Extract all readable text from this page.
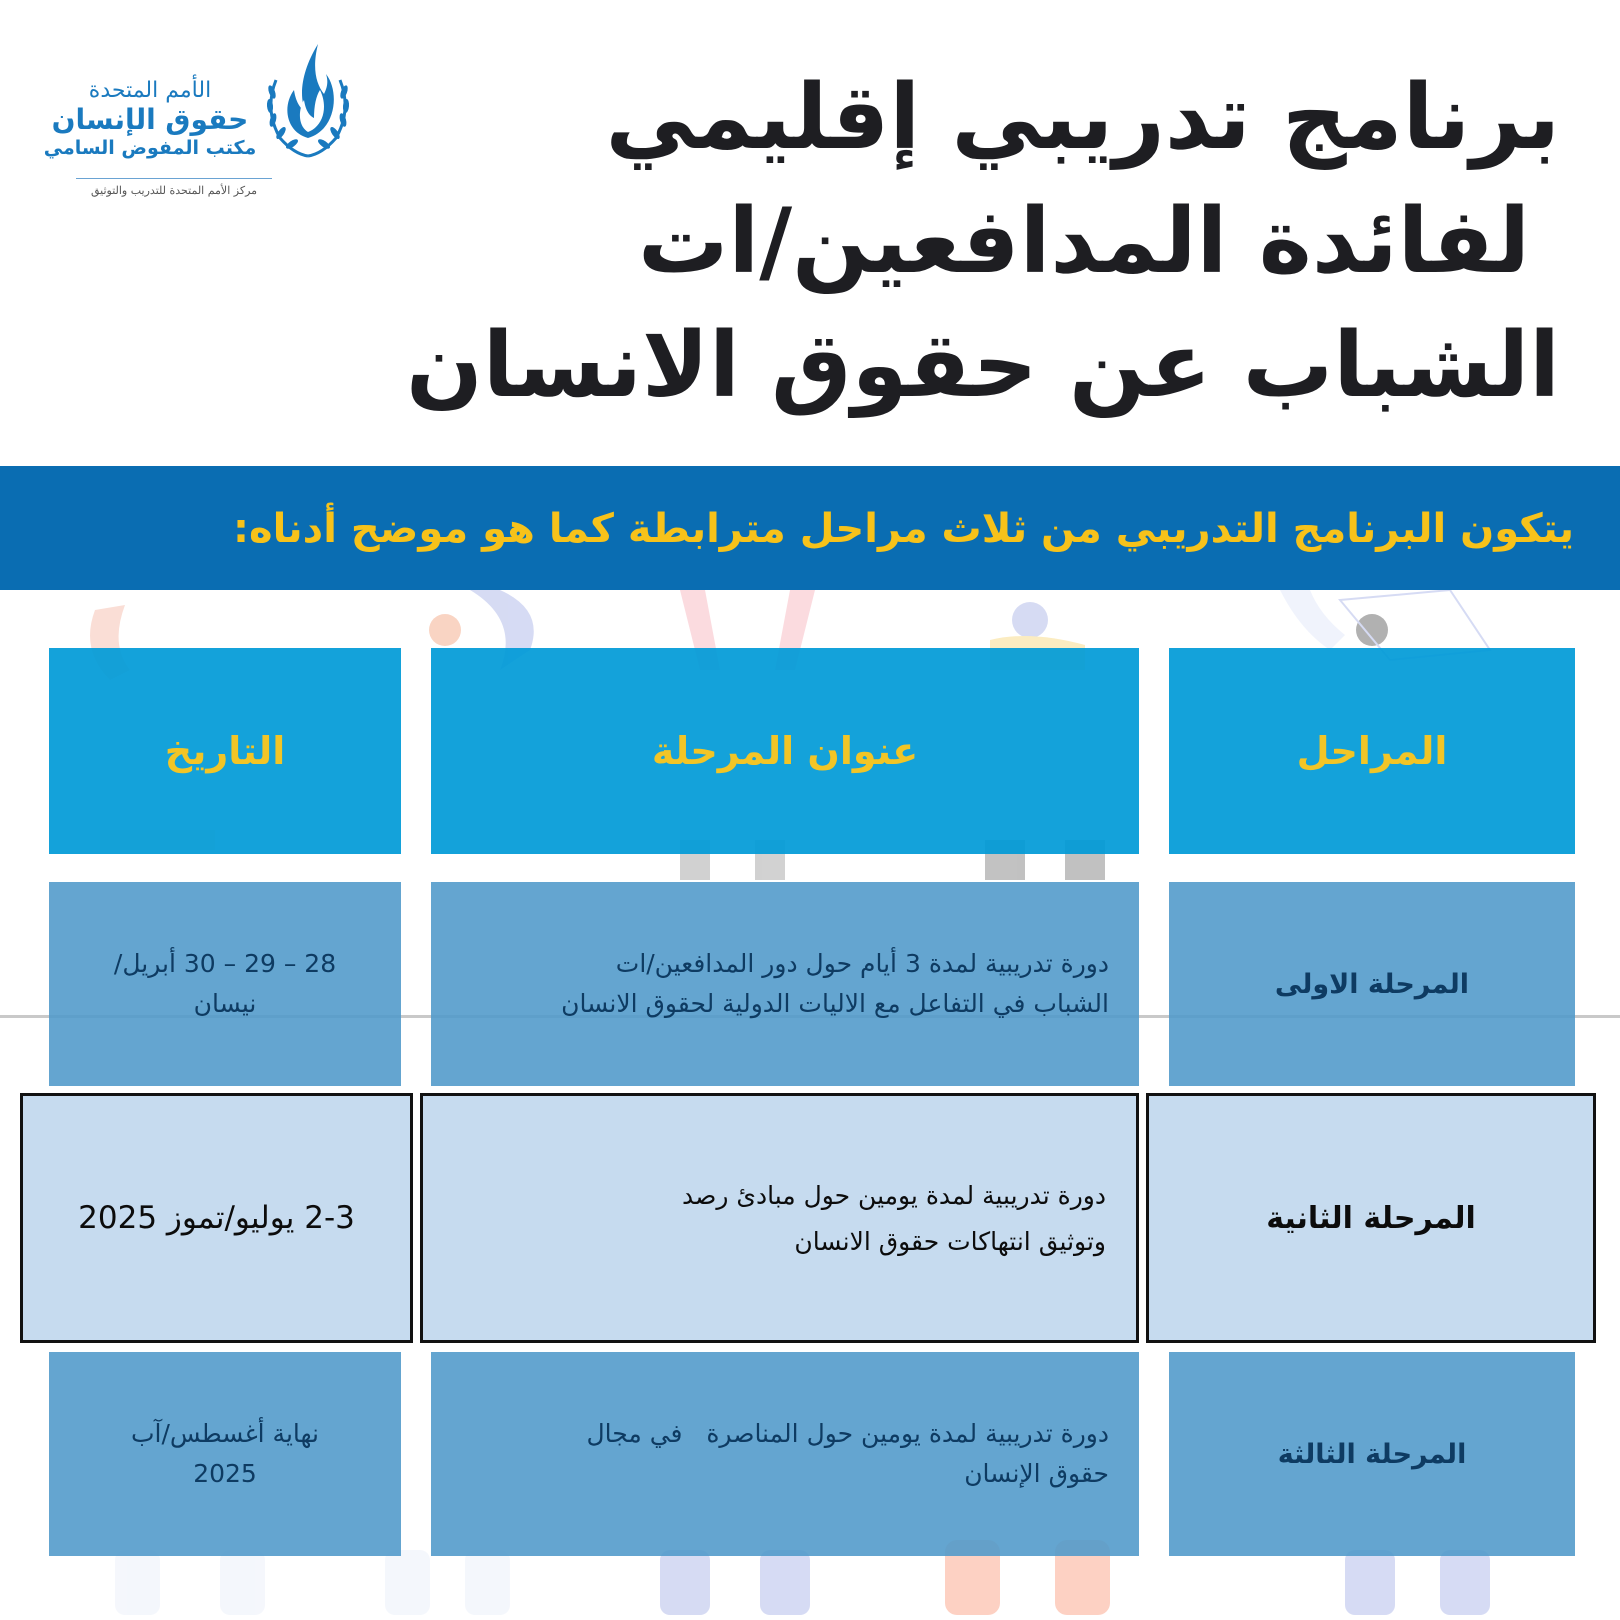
الأمم المتحدة
حقوق الإنسان
مكتب المفوض السامي
مركز الأمم المتحدة للتدريب والتوثيق
برنامج تدريبي إقليمي
لفائدة المدافعين/ات
الشباب عن حقوق الانسان
يتكون البرنامج التدريبي من ثلاث مراحل مترابطة كما هو موضح أدناه:
المراحل
عنوان المرحلة
التاريخ
المرحلة الاولى
دورة تدريبية لمدة 3 أيام حول دور المدافعين/ات
الشباب في التفاعل مع الاليات الدولية لحقوق الانسان
28 – 29 – 30 أبريل/
نيسان
المرحلة الثانية
دورة تدريبية لمدة يومين حول مبادئ رصد
وتوثيق انتهاكات حقوق الانسان
2-3 يوليو/تموز 2025
المرحلة الثالثة
دورة تدريبية لمدة يومين حول المناصرة   في مجال
حقوق الإنسان
نهاية أغسطس/آب
2025
